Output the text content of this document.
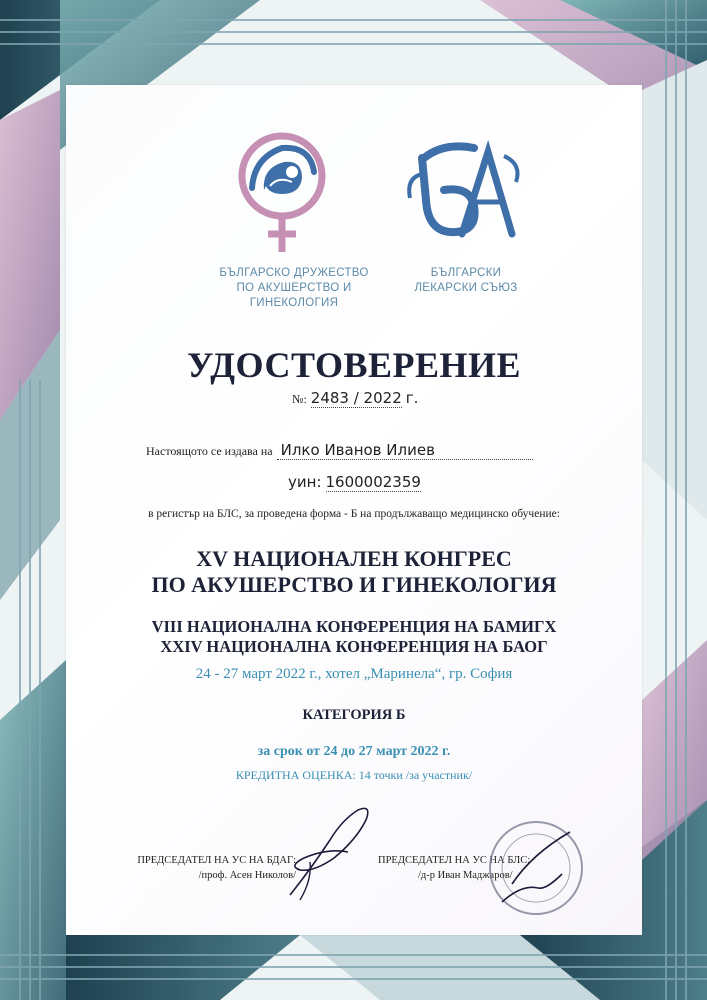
БЪЛГАРСКО ДРУЖЕСТВО
ПО АКУШЕРСТВО И ГИНЕКОЛОГИЯ
БЪЛГАРСКИ
ЛЕКАРСКИ СЪЮЗ
УДОСТОВЕРЕНИЕ
№: 2483 / 2022 г.
Настоящото се издава на Илко Иванов Илиев
уин: 1600002359
в регистър на БЛС, за проведена форма - Б на продължаващо медицинско обучение:
XV НАЦИОНАЛЕН КОНГРЕС
ПО АКУШЕРСТВО И ГИНЕКОЛОГИЯ
VIII НАЦИОНАЛНА КОНФЕРЕНЦИЯ НА БАМИГХ
XXIV НАЦИОНАЛНА КОНФЕРЕНЦИЯ НА БАОГ
24 - 27 март 2022 г., хотел „Маринела“, гр. София
КАТЕГОРИЯ Б
за срок от 24 до 27 март 2022 г.
КРЕДИТНА ОЦЕНКА: 14 точки /за участник/
ПРЕДСЕДАТЕЛ НА УС НА БДАГ:
/проф. Асен Николов/
ПРЕДСЕДАТЕЛ НА УС НА БЛС:
/д-р Иван Маджаров/
